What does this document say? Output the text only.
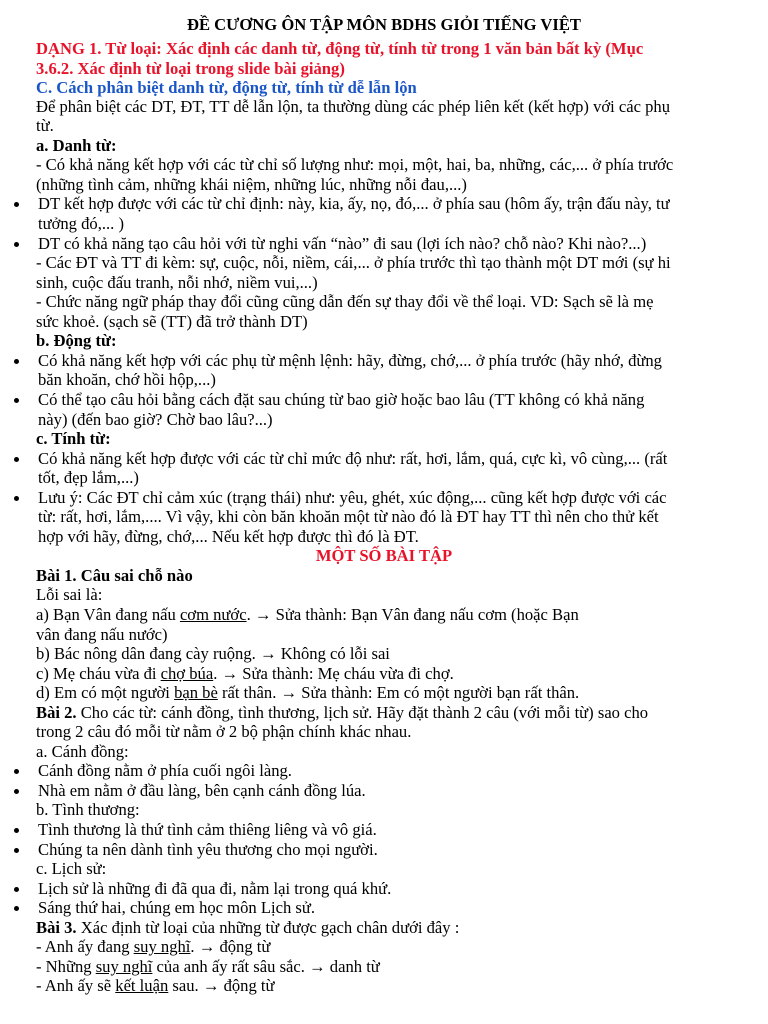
ĐỀ CƯƠNG ÔN TẬP MÔN BDHS GIỎI TIẾNG VIỆT
DẠNG 1. Từ loại: Xác định các danh từ, động từ, tính từ trong 1 văn bản bất kỳ (Mục
3.6.2. Xác định từ loại trong slide bài giảng)
C. Cách phân biệt danh từ, động từ, tính từ dễ lẫn lộn
Để phân biệt các DT, ĐT, TT dễ lẫn lộn, ta thường dùng các phép liên kết (kết hợp) với các phụ
từ.
a. Danh từ:
- Có khả năng kết hợp với các từ chỉ số lượng như: mọi, một, hai, ba, những, các,... ở phía trước
(những tình cảm, những khái niệm, những lúc, những nỗi đau,...)
DT kết hợp được với các từ chỉ định: này, kia, ấy, nọ, đó,... ở phía sau (hôm ấy, trận đấu này, tư
tưởng đó,... )
DT có khả năng tạo câu hỏi với từ nghi vấn “nào” đi sau (lợi ích nào? chỗ nào? Khi nào?...)
- Các ĐT và TT đi kèm: sự, cuộc, nỗi, niềm, cái,... ở phía trước thì tạo thành một DT mới (sự hi
sinh, cuộc đấu tranh, nỗi nhớ, niềm vui,...)
- Chức năng ngữ pháp thay đổi cũng cũng dẫn đến sự thay đổi về thể loại. VD: Sạch sẽ là mẹ
sức khoẻ. (sạch sẽ (TT) đã trở thành DT)
b. Động từ:
Có khả năng kết hợp với các phụ từ mệnh lệnh: hãy, đừng, chớ,... ở phía trước (hãy nhớ, đừng
băn khoăn, chớ hồi hộp,...)
Có thể tạo câu hỏi bằng cách đặt sau chúng từ bao giờ hoặc bao lâu (TT không có khả năng
này) (đến bao giờ? Chờ bao lâu?...)
c. Tính từ:
Có khả năng kết hợp được với các từ chỉ mức độ như: rất, hơi, lắm, quá, cực kì, vô cùng,... (rất
tốt, đẹp lắm,...)
Lưu ý: Các ĐT chỉ cảm xúc (trạng thái) như: yêu, ghét, xúc động,... cũng kết hợp được với các
từ: rất, hơi, lắm,.... Vì vậy, khi còn băn khoăn một từ nào đó là ĐT hay TT thì nên cho thử kết
hợp với hãy, đừng, chớ,... Nếu kết hợp được thì đó là ĐT.
MỘT SỐ BÀI TẬP
Bài 1. Câu sai chỗ nào
Lỗi sai là:
a) Bạn Vân đang nấu cơm nước. → Sửa thành: Bạn Vân đang nấu cơm (hoặc Bạn
vân đang nấu nước)
b) Bác nông dân đang cày ruộng. → Không có lỗi sai
c) Mẹ cháu vừa đi chợ búa. → Sửa thành: Mẹ cháu vừa đi chợ.
d) Em có một người bạn bè rất thân. → Sửa thành: Em có một người bạn rất thân.
Bài 2. Cho các từ: cánh đồng, tình thương, lịch sử. Hãy đặt thành 2 câu (với mỗi từ) sao cho
trong 2 câu đó mỗi từ nằm ở 2 bộ phận chính khác nhau.
a. Cánh đồng:
Cánh đồng nằm ở phía cuối ngôi làng.
Nhà em nằm ở đầu làng, bên cạnh cánh đồng lúa.
b. Tình thương:
Tình thương là thứ tình cảm thiêng liêng và vô giá.
Chúng ta nên dành tình yêu thương cho mọi người.
c. Lịch sử:
Lịch sử là những đi đã qua đi, nằm lại trong quá khứ.
Sáng thứ hai, chúng em học môn Lịch sử.
Bài 3. Xác định từ loại của những từ được gạch chân dưới đây :
- Anh ấy đang suy nghĩ. → động từ
- Những suy nghĩ của anh ấy rất sâu sắc. → danh từ
- Anh ấy sẽ kết luận sau. → động từ
